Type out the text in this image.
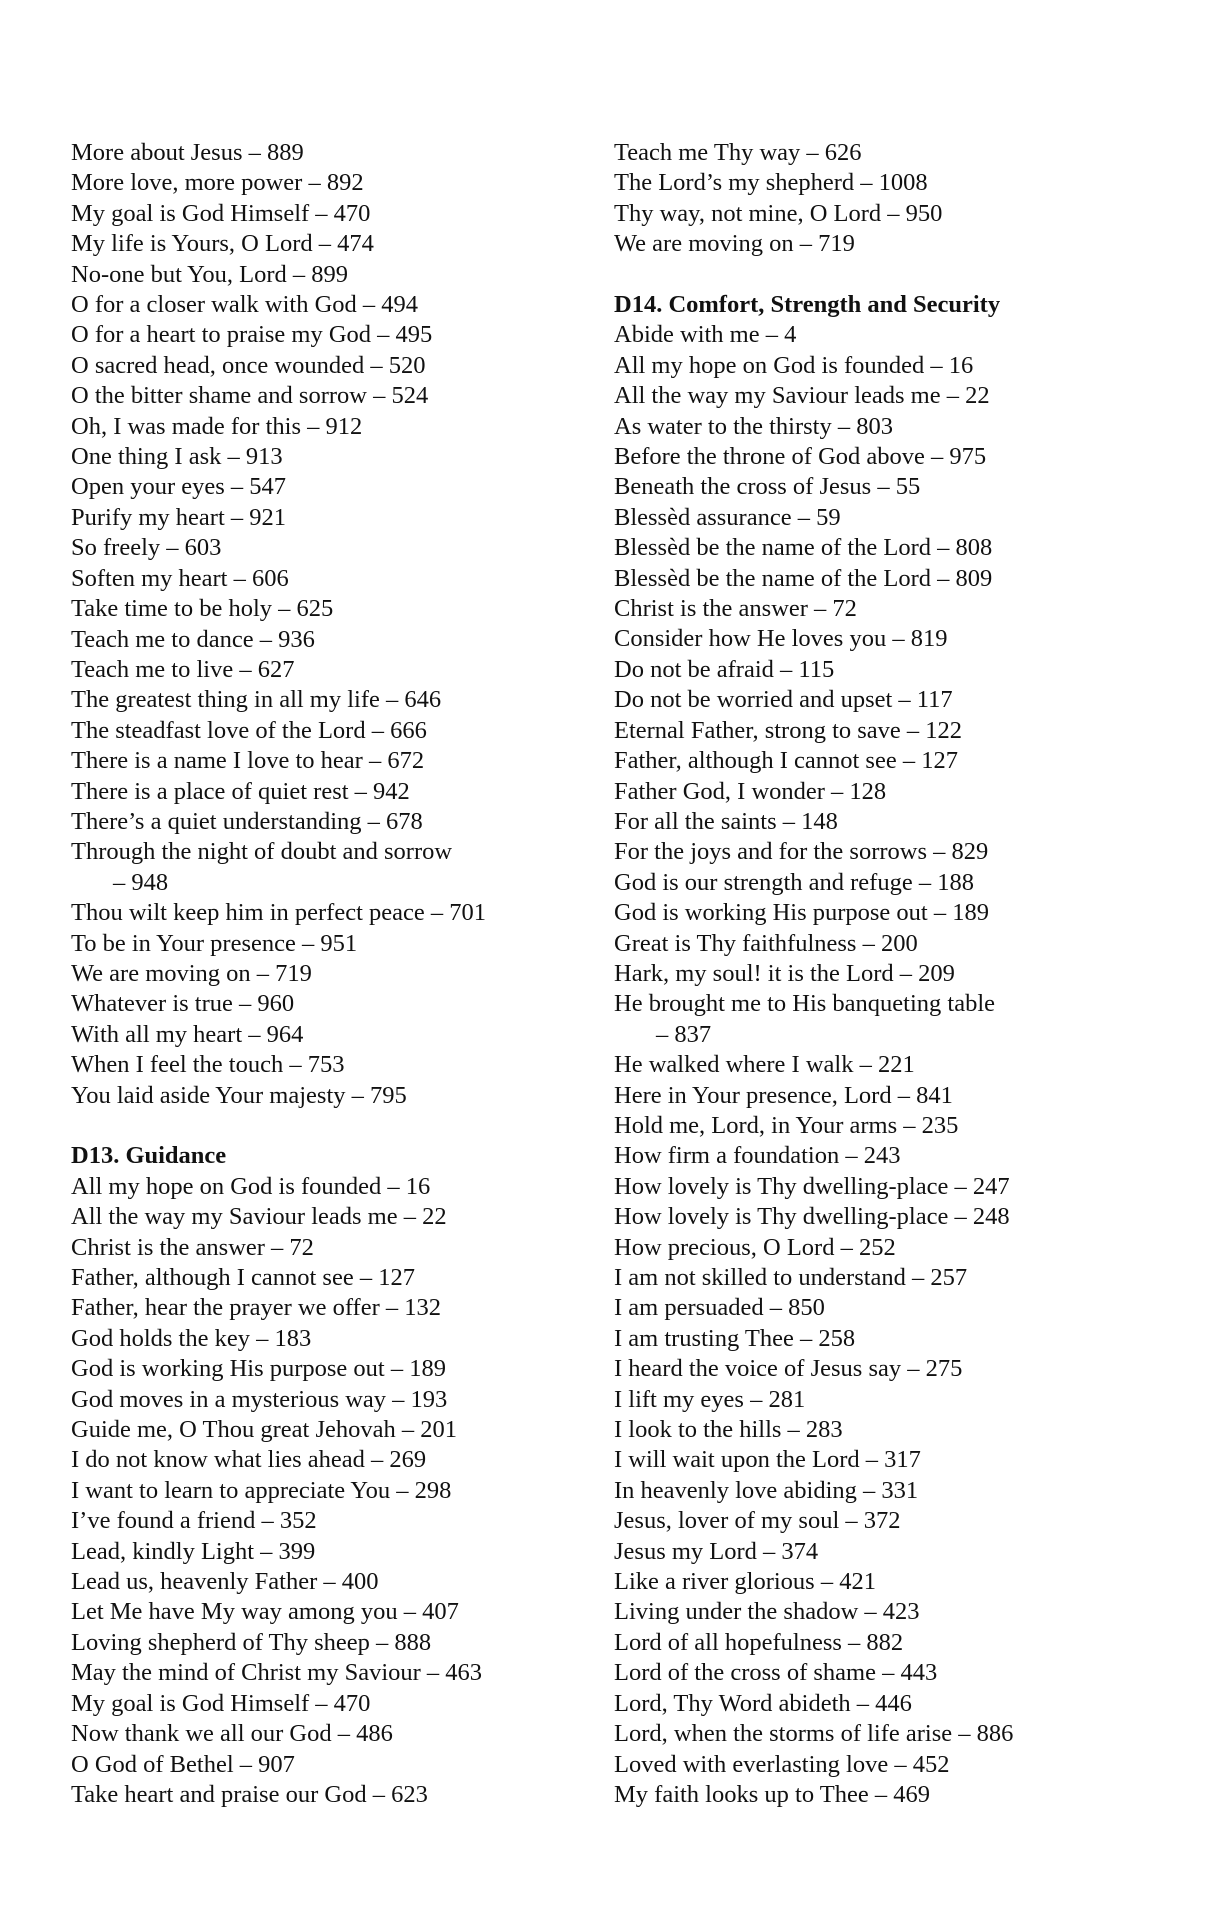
More about Jesus – 889
More love, more power – 892
My goal is God Himself – 470
My life is Yours, O Lord – 474
No-one but You, Lord – 899
O for a closer walk with God – 494
O for a heart to praise my God – 495
O sacred head, once wounded – 520
O the bitter shame and sorrow – 524
Oh, I was made for this – 912
One thing I ask – 913
Open your eyes – 547
Purify my heart – 921
So freely – 603
Soften my heart – 606
Take time to be holy – 625
Teach me to dance – 936
Teach me to live – 627
The greatest thing in all my life – 646
The steadfast love of the Lord – 666
There is a name I love to hear – 672
There is a place of quiet rest – 942
There’s a quiet understanding – 678
Through the night of doubt and sorrow
– 948
Thou wilt keep him in perfect peace – 701
To be in Your presence – 951
We are moving on – 719
Whatever is true – 960
With all my heart – 964
When I feel the touch – 753
You laid aside Your majesty – 795
D13. Guidance
All my hope on God is founded – 16
All the way my Saviour leads me – 22
Christ is the answer – 72
Father, although I cannot see – 127
Father, hear the prayer we offer – 132
God holds the key – 183
God is working His purpose out – 189
God moves in a mysterious way – 193
Guide me, O Thou great Jehovah – 201
I do not know what lies ahead – 269
I want to learn to appreciate You – 298
I’ve found a friend – 352
Lead, kindly Light – 399
Lead us, heavenly Father – 400
Let Me have My way among you – 407
Loving shepherd of Thy sheep – 888
May the mind of Christ my Saviour – 463
My goal is God Himself – 470
Now thank we all our God – 486
O God of Bethel – 907
Take heart and praise our God – 623
Teach me Thy way – 626
The Lord’s my shepherd – 1008
Thy way, not mine, O Lord – 950
We are moving on – 719
D14. Comfort, Strength and Security
Abide with me – 4
All my hope on God is founded – 16
All the way my Saviour leads me – 22
As water to the thirsty – 803
Before the throne of God above – 975
Beneath the cross of Jesus – 55
Blessèd assurance – 59
Blessèd be the name of the Lord – 808
Blessèd be the name of the Lord – 809
Christ is the answer – 72
Consider how He loves you – 819
Do not be afraid – 115
Do not be worried and upset – 117
Eternal Father, strong to save – 122
Father, although I cannot see – 127
Father God, I wonder – 128
For all the saints – 148
For the joys and for the sorrows – 829
God is our strength and refuge – 188
God is working His purpose out – 189
Great is Thy faithfulness – 200
Hark, my soul! it is the Lord – 209
He brought me to His banqueting table
– 837
He walked where I walk – 221
Here in Your presence, Lord – 841
Hold me, Lord, in Your arms – 235
How firm a foundation – 243
How lovely is Thy dwelling-place – 247
How lovely is Thy dwelling-place – 248
How precious, O Lord – 252
I am not skilled to understand – 257
I am persuaded – 850
I am trusting Thee – 258
I heard the voice of Jesus say – 275
I lift my eyes – 281
I look to the hills – 283
I will wait upon the Lord – 317
In heavenly love abiding – 331
Jesus, lover of my soul – 372
Jesus my Lord – 374
Like a river glorious – 421
Living under the shadow – 423
Lord of all hopefulness – 882
Lord of the cross of shame – 443
Lord, Thy Word abideth – 446
Lord, when the storms of life arise – 886
Loved with everlasting love – 452
My faith looks up to Thee – 469
